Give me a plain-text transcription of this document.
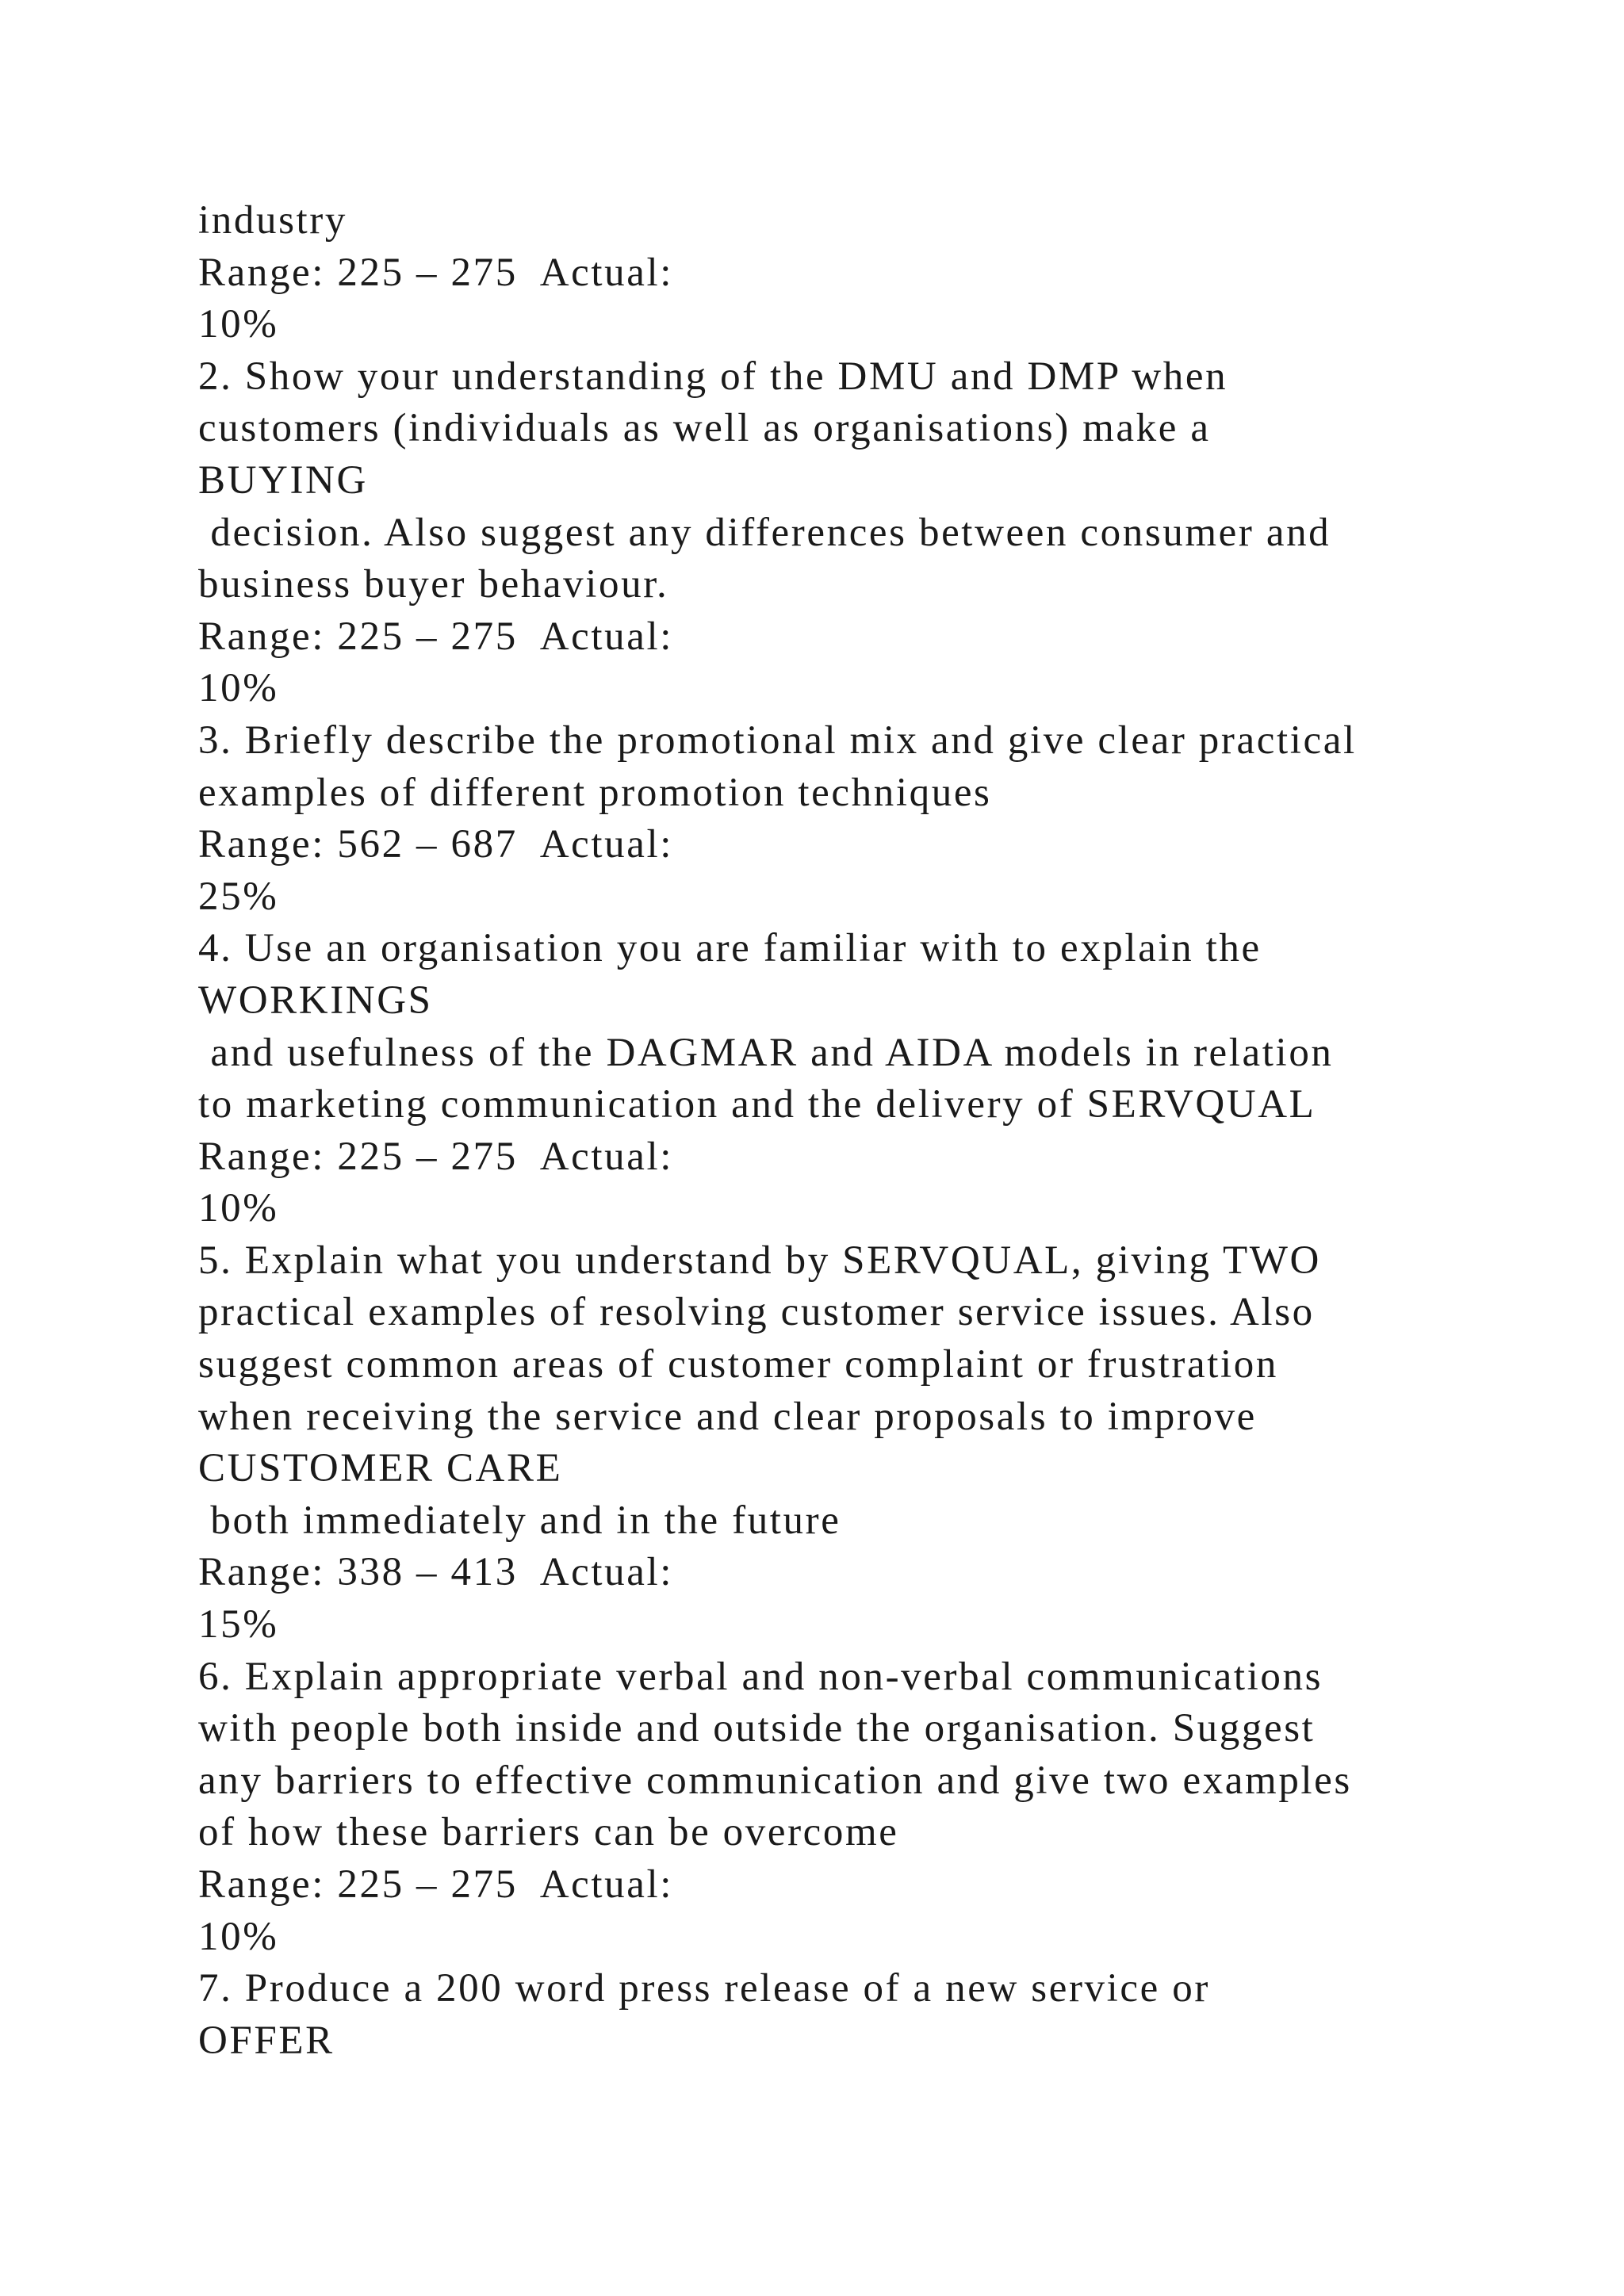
industry
Range: 225 – 275  Actual:
10%
2. Show your understanding of the DMU and DMP when
customers (individuals as well as organisations) make a
BUYING
decision. Also suggest any differences between consumer and
business buyer behaviour.
Range: 225 – 275  Actual:
10%
3. Briefly describe the promotional mix and give clear practical
examples of different promotion techniques
Range: 562 – 687  Actual:
25%
4. Use an organisation you are familiar with to explain the
WORKINGS
and usefulness of the DAGMAR and AIDA models in relation
to marketing communication and the delivery of SERVQUAL
Range: 225 – 275  Actual:
10%
5. Explain what you understand by SERVQUAL, giving TWO
practical examples of resolving customer service issues. Also
suggest common areas of customer complaint or frustration
when receiving the service and clear proposals to improve
CUSTOMER CARE
both immediately and in the future
Range: 338 – 413  Actual:
15%
6. Explain appropriate verbal and non-verbal communications
with people both inside and outside the organisation. Suggest
any barriers to effective communication and give two examples
of how these barriers can be overcome
Range: 225 – 275  Actual:
10%
7. Produce a 200 word press release of a new service or
OFFER
